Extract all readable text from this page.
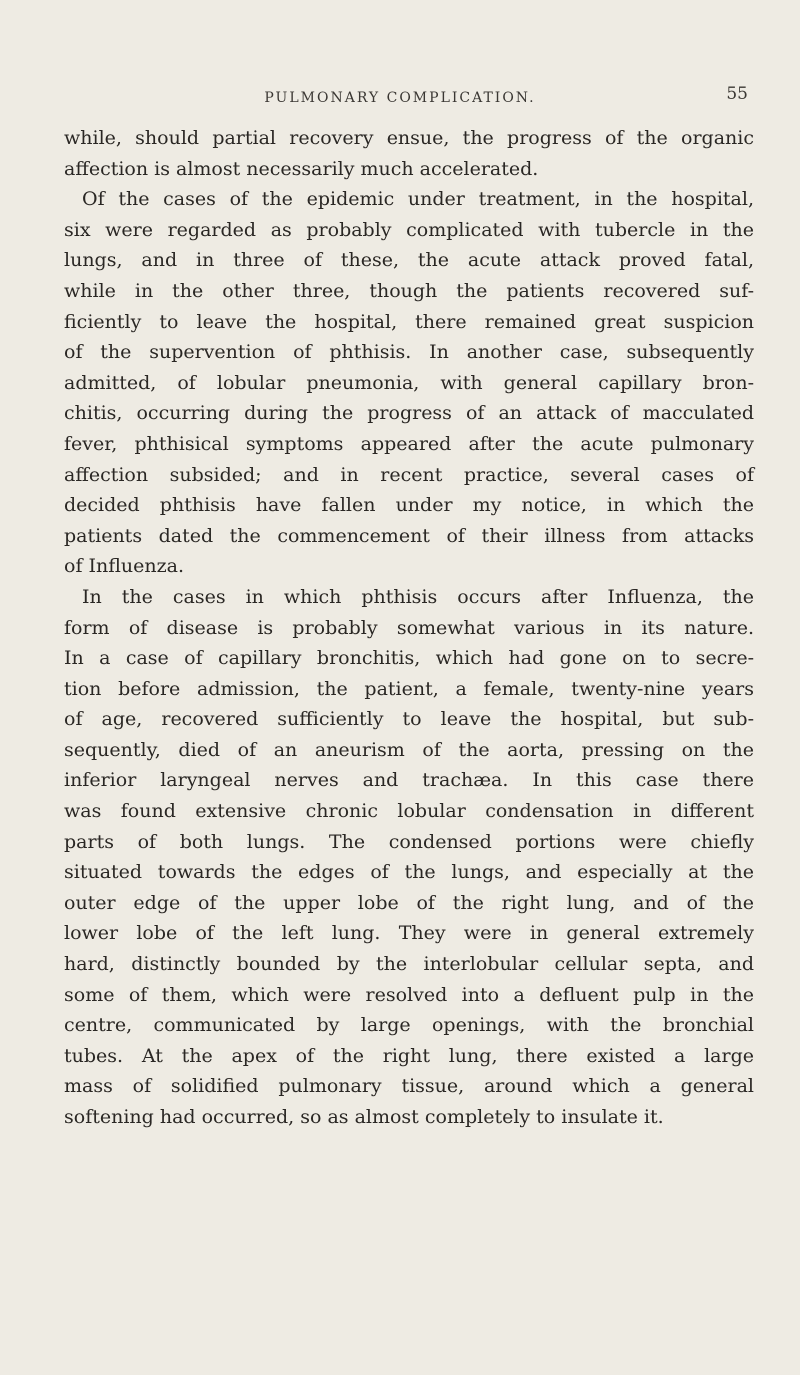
PULMONARY COMPLICATION.	55
while, should partial recovery ensue, the progress of the organic
affection is almost necessarily much accelerated.
Of the cases of the epidemic under treatment, in the hospital,
six were regarded as probably complicated with tubercle in the
lungs, and in three of these, the acute attack proved fatal,
while in the other three, though the patients recovered suf-
ficiently to leave the hospital, there remained great suspicion
of the supervention of phthisis. In another case, subsequently
admitted, of lobular pneumonia, with general capillary bron-
chitis, occurring during the progress of an attack of macculated
fever, phthisical symptoms appeared after the acute pulmonary
affection subsided; and in recent practice, several cases of
decided phthisis have fallen under my notice, in which the
patients dated the commencement of their illness from attacks
of Influenza.
In the cases in which phthisis occurs after Influenza, the
form of disease is probably somewhat various in its nature.
In a case of capillary bronchitis, which had gone on to secre-
tion before admission, the patient, a female, twenty-nine years
of age, recovered sufficiently to leave the hospital, but sub-
sequently, died of an aneurism of the aorta, pressing on the
inferior laryngeal nerves and trachæa. In this case there
was found extensive chronic lobular condensation in different
parts of both lungs. The condensed portions were chiefly
situated towards the edges of the lungs, and especially at the
outer edge of the upper lobe of the right lung, and of the
lower lobe of the left lung. They were in general extremely
hard, distinctly bounded by the interlobular cellular septa, and
some of them, which were resolved into a defluent pulp in the
centre, communicated by large openings, with the bronchial
tubes. At the apex of the right lung, there existed a large
mass of solidified pulmonary tissue, around which a general
softening had occurred, so as almost completely to insulate it.
